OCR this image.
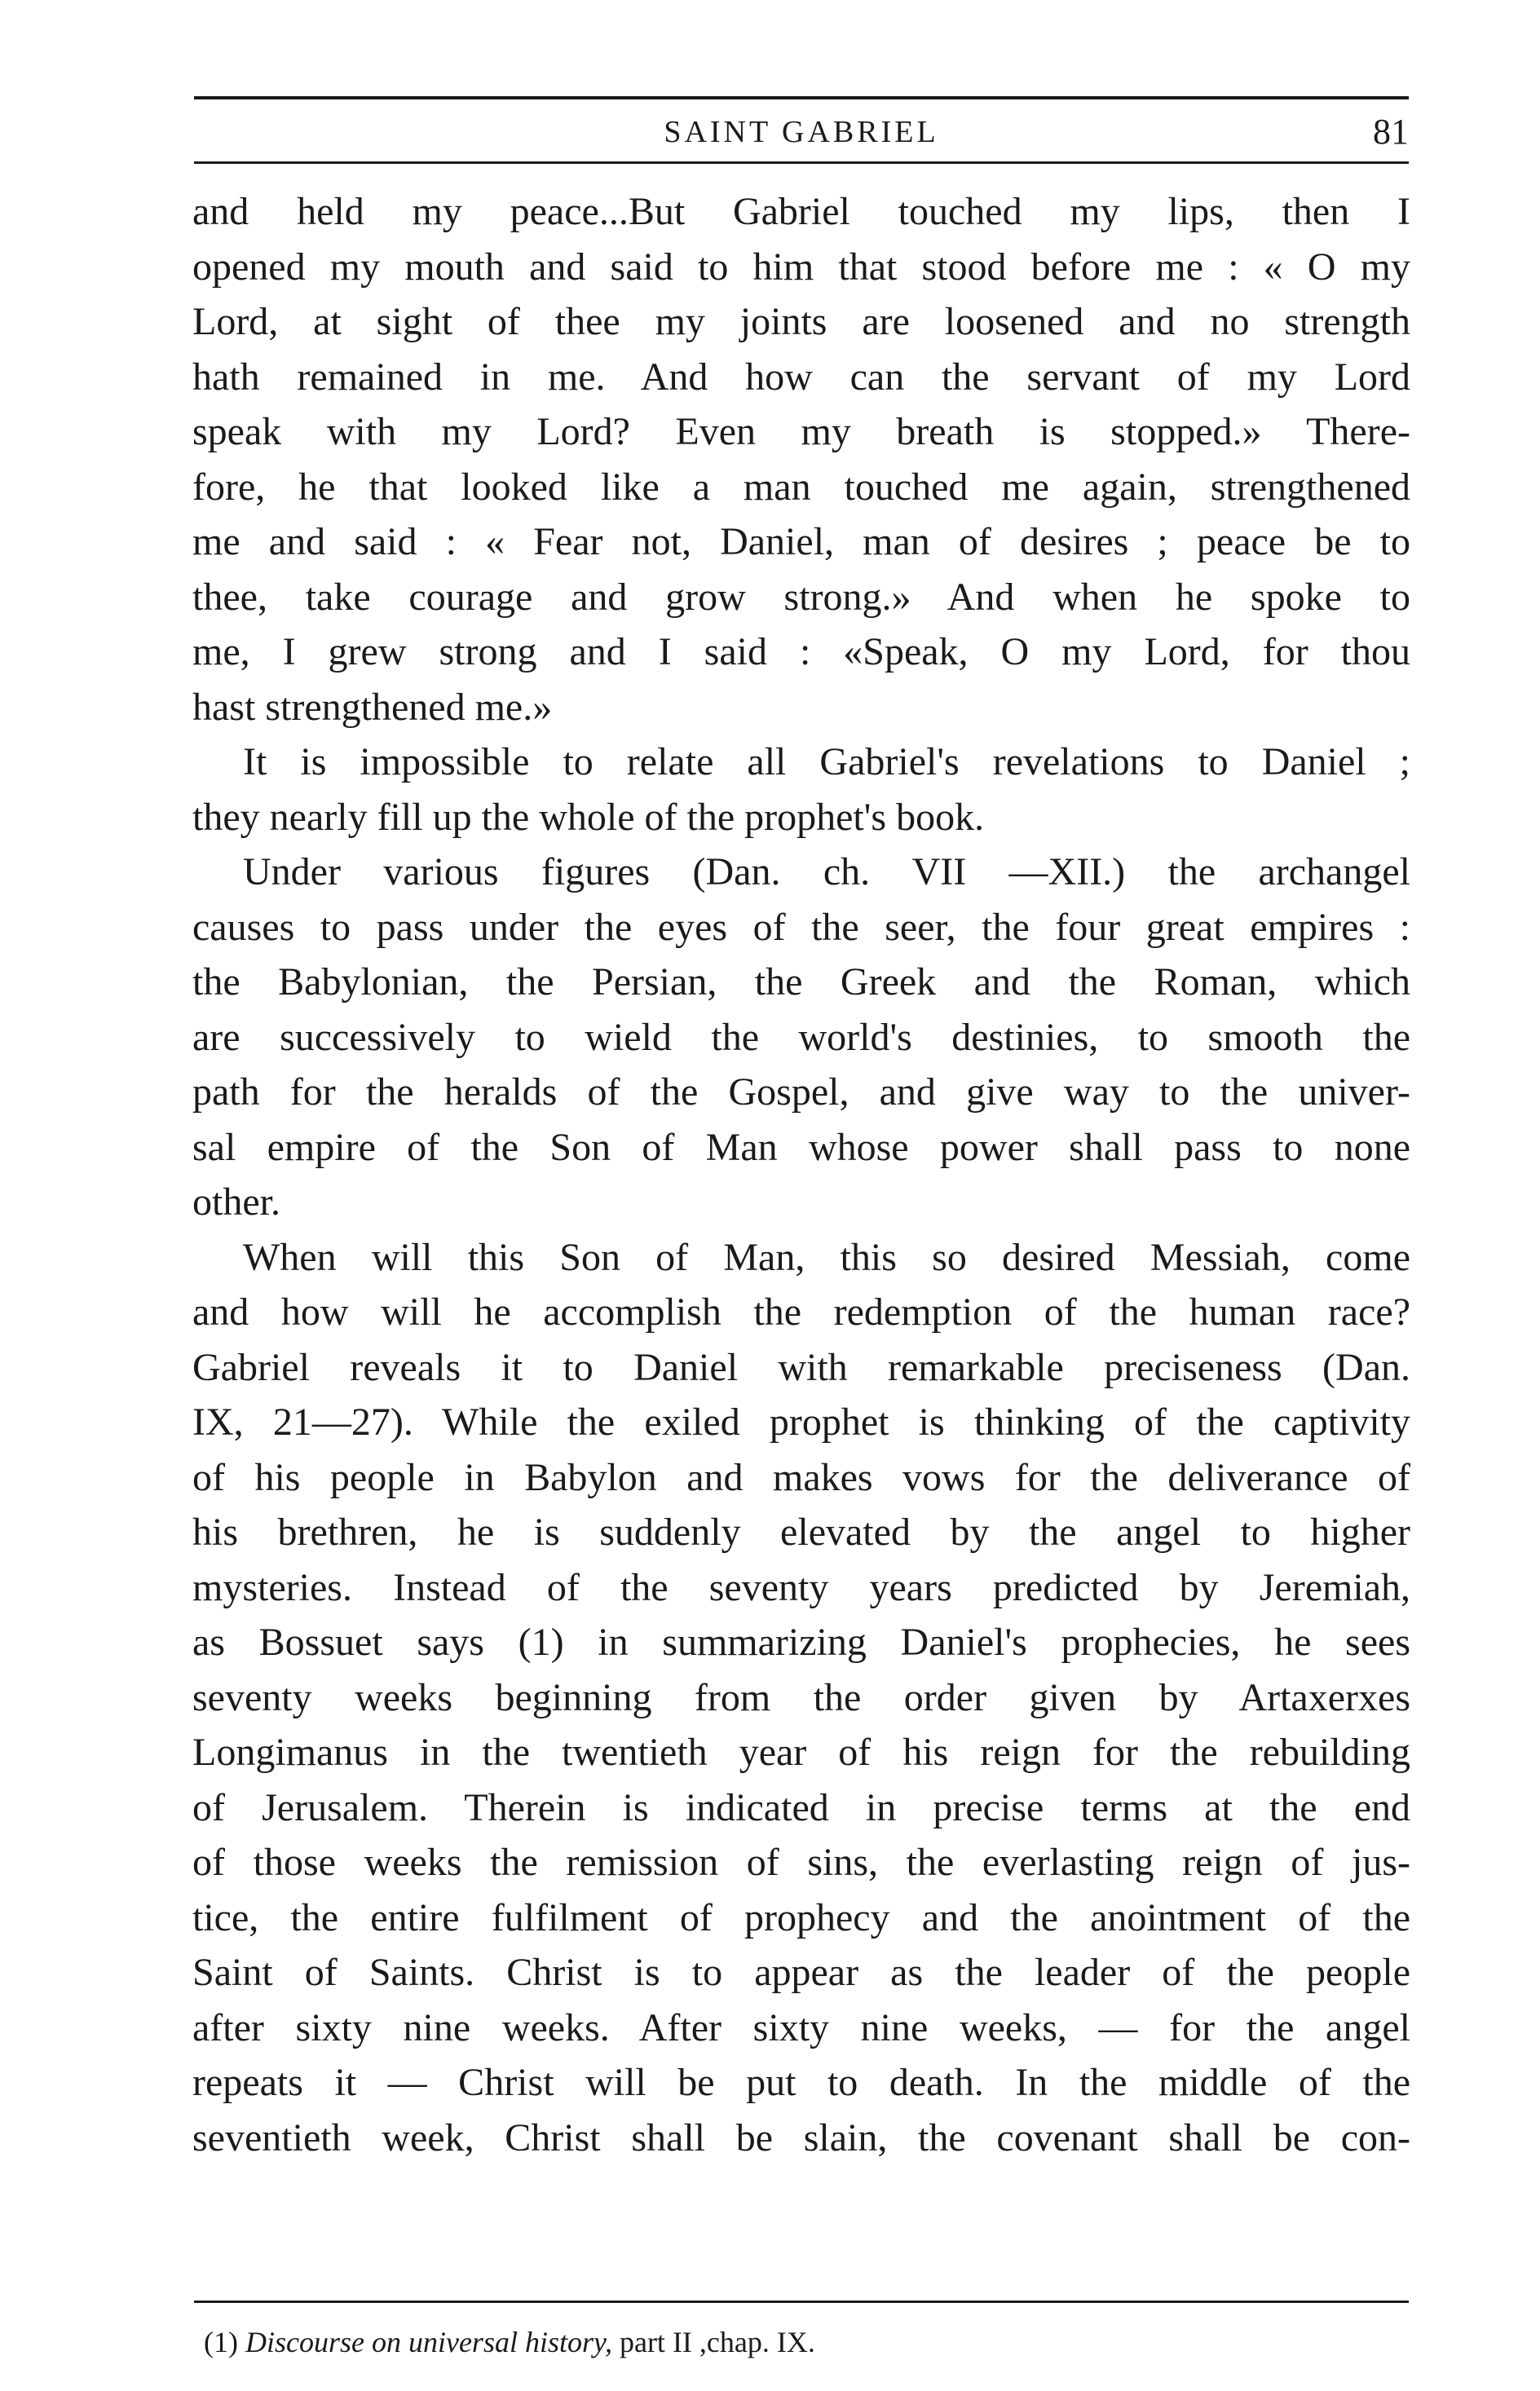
SAINT GABRIEL	81
and held my peace...But Gabriel touched my lips, then I
opened my mouth and said to him that stood before me : « O my
Lord, at sight of thee my joints are loosened and no strength
hath remained in me. And how can the servant of my Lord
speak with my Lord? Even my breath is stopped.» There-
fore, he that looked like a man touched me again, strengthened
me and said : « Fear not, Daniel, man of desires ; peace be to
thee, take courage and grow strong.» And when he spoke to
me, I grew strong and I said : «Speak, O my Lord, for thou
hast strengthened me.»
It is impossible to relate all Gabriel's revelations to Daniel ;
they nearly fill up the whole of the prophet's book.
Under various figures (Dan. ch. VII —XII.) the archangel
causes to pass under the eyes of the seer, the four great empires :
the Babylonian, the Persian, the Greek and the Roman, which
are successively to wield the world's destinies, to smooth the
path for the heralds of the Gospel, and give way to the univer-
sal empire of the Son of Man whose power shall pass to none
other.
When will this Son of Man, this so desired Messiah, come
and how will he accomplish the redemption of the human race?
Gabriel reveals it to Daniel with remarkable preciseness (Dan.
IX, 21—27). While the exiled prophet is thinking of the captivity
of his people in Babylon and makes vows for the deliverance of
his brethren, he is suddenly elevated by the angel to higher
mysteries. Instead of the seventy years predicted by Jeremiah,
as Bossuet says (1) in summarizing Daniel's prophecies, he sees
seventy weeks beginning from the order given by Artaxerxes
Longimanus in the twentieth year of his reign for the rebuilding
of Jerusalem. Therein is indicated in precise terms at the end
of those weeks the remission of sins, the everlasting reign of jus-
tice, the entire fulfilment of prophecy and the anointment of the
Saint of Saints. Christ is to appear as the leader of the people
after sixty nine weeks. After sixty nine weeks, — for the angel
repeats it — Christ will be put to death. In the middle of the
seventieth week, Christ shall be slain, the covenant shall be con-
(1) Discourse on universal history, part II ,chap. IX.
